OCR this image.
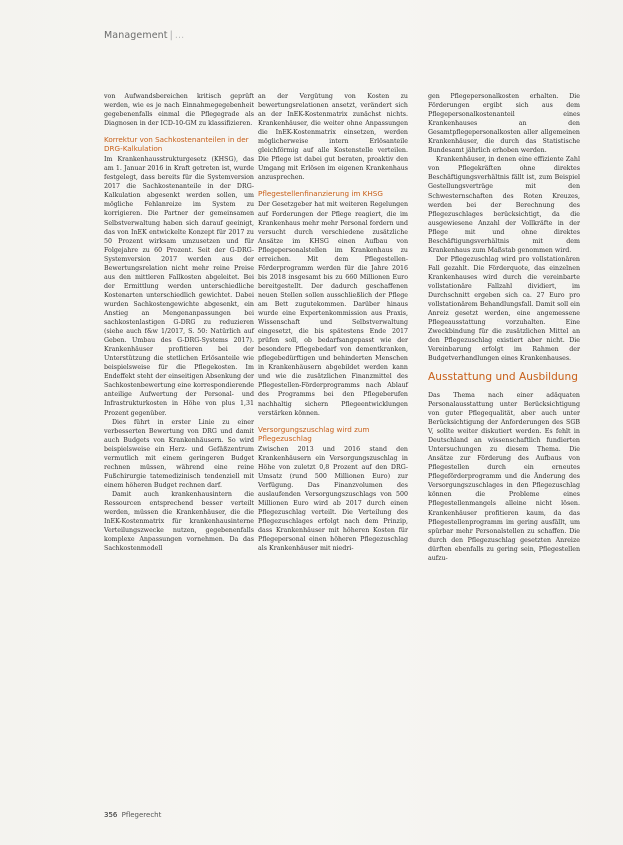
Management | ...

von Aufwandsbereichen kritisch geprüft werden, wie es je nach Einnahmegegebenheit gegebenenfalls einmal die Pflegegrade als Diagnosen in der ICD-10-GM zu klassifizieren.

Korrektur von Sachkostenanteilen in der DRG-Kalkulation

Im Krankenhausstrukturgesetz (KHSG), das am 1. Januar 2016 in Kraft getreten ist, wurde festgelegt, dass bereits für die Systemversion 2017 die Sachkostenanteile in der DRG-Kalkulation abgesenkt werden sollen, um mögliche Fehlanreize im System zu korrigieren. Die Partner der gemeinsamen Selbstverwaltung haben sich darauf geeinigt, das von InEK entwickelte Konzept für 2017 zu 50 Prozent wirksam umzusetzen und für Folgejahre zu 60 Prozent. Seit der G-DRG-Systemversion 2017 werden aus der Bewertungsrelation nicht mehr reine Preise aus den mittleren Fallkosten abgeleitet. Bei der Ermittlung werden unterschiedliche Kostenarten unterschiedlich gewichtet. Dabei wurden Sachkostengewichte abgesenkt, ein Anstieg an Mengenanpassungen bei sachkostenlastigen G-DRG zu reduzieren (siehe auch f&w 1/2017, S. 50: Natürlich auf Geben. Umbau des G-DRG-Systems 2017). Krankenhäuser profitieren bei der Unterstützung die stetlichen Erlösanteile wie beispielsweise für die Pflegekosten. Im Endeffekt steht der einseitigen Absenkung der Sachkostenbewertung eine korrespondierende anteilige Aufwertung der Personal- und Infrastrukturkosten in Höhe von plus 1,31 Prozent gegenüber.

Dies führt in erster Linie zu einer verbesserten Bewertung von DRG und damit auch Budgets von Krankenhäusern. So wird beispielsweise ein Herz- und Gefäßzentrum vermutlich mit einem geringeren Budget rechnen müssen, während eine reine Fußchirurgie tatemedizinisch tendenziell mit einem höheren Budget rechnen darf.

Damit auch krankenhausintern die Ressourcen entsprechend besser verteilt werden, müssen die Krankenhäuser, die die InEK-Kostenmatrix für krankenhausinterne Verteilungszwecke nutzen, gegebenenfalls komplexe Anpassungen vornehmen. Da das Sachkostenmodell

an der Vergütung von Kosten zu bewertungsrelationen ansetzt, verändert sich an der InEK-Kostenmatrix zunächst nichts. Krankenhäuser, die weiter ohne Anpassungen die InEK-Kostenmatrix einsetzen, werden möglicherweise intern Erlösanteile gleichförmig auf alle Kostenstelle verteilen. Die Pflege ist dabei gut beraten, proaktiv den Umgang mit Erlösen im eigenen Krankenhaus anzusprechen.

Pflegestellenfinanzierung im KHSG

Der Gesetzgeber hat mit weiteren Regelungen auf Forderungen der Pflege reagiert, die im Krankenhaus mehr mehr Personal fordern und versucht durch verschiedene zusätzliche Ansätze im KHSG einen Aufbau von Pflegepersonalstellen im Krankenhaus zu erreichen. Mit dem Pflegestellen-Förderprogramm werden für die Jahre 2016 bis 2018 insgesamt bis zu 660 Millionen Euro bereitgestellt. Der dadurch geschaffenen neuen Stellen sollen ausschließlich der Pflege am Bett zugutekommen. Darüber hinaus wurde eine Expertenkommission aus Praxis, Wissenschaft und Selbstverwaltung eingesetzt, die bis spätestens Ende 2017 prüfen soll, ob bedarfsangepasst wie der besondere Pflegebedarf von dementkranken, pflegebedürftigen und behinderten Menschen in Krankenhäusern abgebildet werden kann und wie die zusätzlichen Finanzmittel des Pflegestellen-Förderprogramms nach Ablauf des Programms bei den Pflegeberufen nachhaltig sichern Pflegeentwicklungen verstärken können.

Versorgungszuschlag wird zum Pflegezuschlag

Zwischen 2013 und 2016 stand den Krankenhäusern ein Versorgungszuschlag in Höhe von zuletzt 0,8 Prozent auf den DRG-Umsatz (rund 500 Millionen Euro) zur Verfügung. Das Finanzvolumen des auslaufenden Versorgungszuschlags von 500 Millionen Euro wird ab 2017 durch einen Pflegezuschlag verteilt. Die Verteilung des Pflegezuschlages erfolgt nach dem Prinzip, dass Krankenhäuser mit höheren Kosten für Pflegepersonal einen höheren Pflegezuschlag als Krankenhäuser mit niedri-

gen Pflegepersonalkosten erhalten. Die Förderungen ergibt sich aus dem Pflegepersonalkostenanteil eines Krankenhauses an den Gesamtpflegepersonalkosten aller allgemeinen Krankenhäuser, die durch das Statistische Bundesamt jährlich erhoben werden.

Krankenhäuser, in denen eine effiziente Zahl von Pflegekräften ohne direktes Beschäftigungsverhältnis fällt ist, zum Beispiel Gestellungsverträge mit den Schwesternschaften des Roten Kreuzes, werden bei der Berechnung des Pflegezuschlages berücksichtigt, da die ausgewiesene Anzahl der Vollkräfte in der Pflege mit und ohne direktes Beschäftigungsverhältnis mit dem Krankenhaus zum Maßstab genommen wird.

Der Pflegezuschlag wird pro vollstationären Fall gezahlt. Die Förderquote, das einzelnen Krankenhauses wird durch die vereinbarte vollstationäre Fallzahl dividiert, im Durchschnitt ergeben sich ca. 27 Euro pro vollstationärem Behandlungsfall. Damit soll ein Anreiz gesetzt werden, eine angemessene Pflegeausstattung vorzuhalten. Eine Zweckbindung für die zusätzlichen Mittel an den Pflegezuschlag existiert aber nicht. Die Vereinbarung erfolgt im Rahmen der Budgetverhandlungen eines Krankenhauses.

Ausstattung und Ausbildung

Das Thema nach einer adäquaten Personalausstattung unter Berücksichtigung von guter Pflegequalität, aber auch unter Berücksichtigung der Anforderungen des SGB V, sollte weiter diskutiert werden. Es fehlt in Deutschland an wissenschaftlich fundierten Untersuchungen zu diesem Thema. Die Ansätze zur Förderung des Aufbaus von Pflegestellen durch ein erneutes Pflegeförderprogramm und die Änderung des Versorgungszuschlages in den Pflegezuschlag können die Probleme eines Pflegestellenmangels alleine nicht lösen. Krankenhäuser profitieren kaum, da das Pflegestellenprogramm im gering ausfällt, um spürbar mehr Personalstellen zu schaffen. Die durch den Pflegezuschlag gesetzten Anreize dürften ebenfalls zu gering sein, Pflegestellen aufzu-

356 Pflegerecht
